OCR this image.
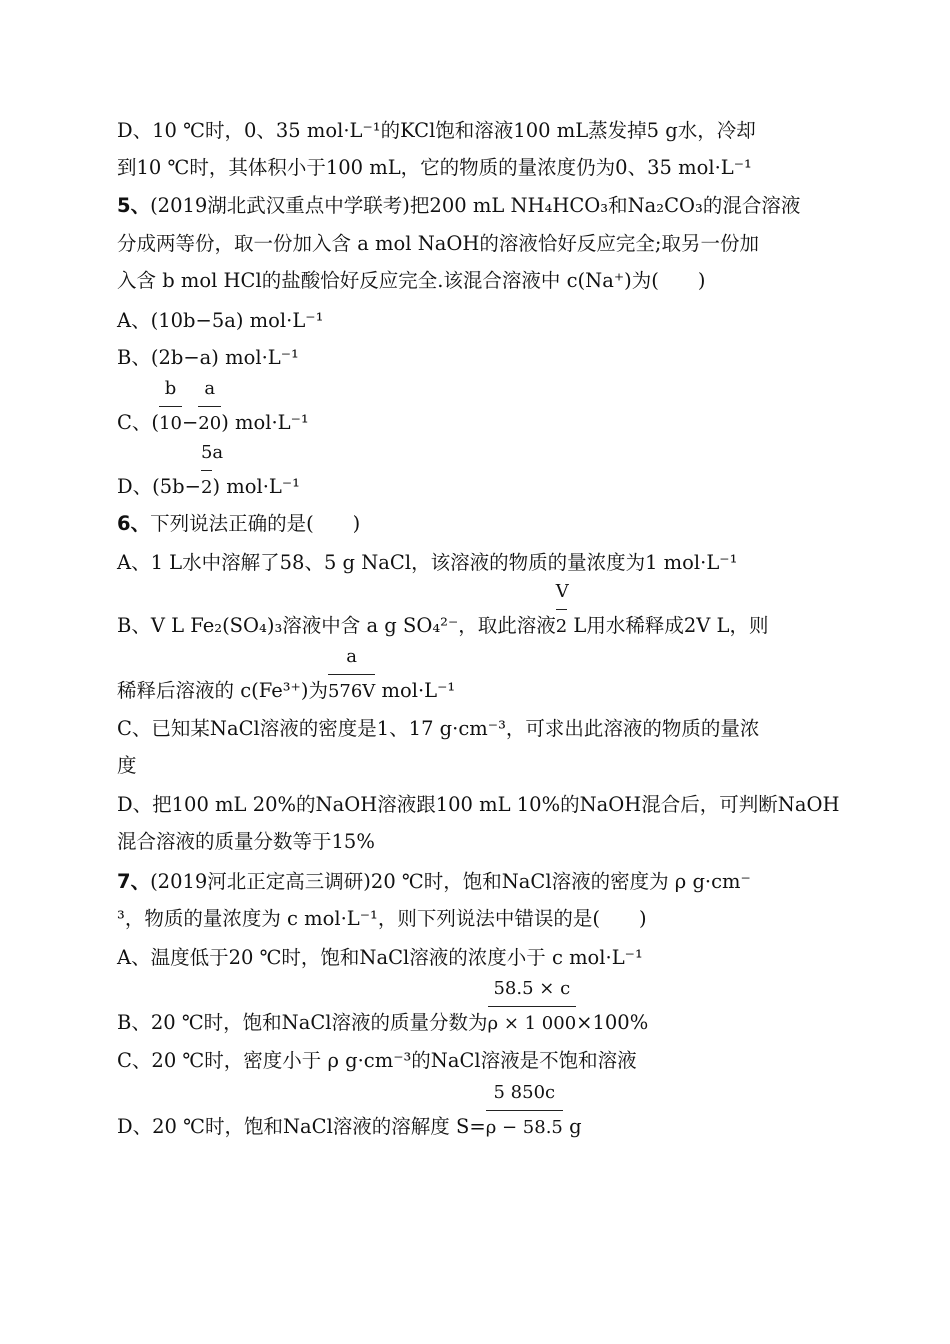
D、10 ℃时，0、35 mol·L⁻¹的KCl饱和溶液100 mL蒸发掉5 g水，冷却
到10 ℃时，其体积小于100 mL，它的物质的量浓度仍为0、35 mol·L⁻¹
5、(2019湖北武汉重点中学联考)把200 mL NH₄HCO₃和Na₂CO₃的混合溶液
分成两等份，取一份加入含 a mol NaOH的溶液恰好反应完全;取另一份加
入含 b mol HCl的盐酸恰好反应完全.该混合溶液中 c(Na⁺)为(　　)
A、(10b−5a) mol·L⁻¹
B、(2b−a) mol·L⁻¹
C、( $\frac{b}{10}- \frac{a}{20}$) mol·L⁻¹
D、$(5b- \frac{5a}{2})$ mol·L⁻¹
6、下列说法正确的是(　　)
A、1 L水中溶解了58、5 g NaCl，该溶液的物质的量浓度为1 mol·L⁻¹
B、V L Fe₂(SO₄)₃溶液中含 a g SO₄²⁻，取此溶液 $\frac{V}{2}$ L用水稀释成2V L，则
稀释后溶液的 c(Fe³⁺)为 $\frac{a}{576V} mol\cdot L^{-1}$
C、已知某NaCl溶液的密度是1、17 g·cm⁻³，可求出此溶液的物质的量浓
度
D、把100 mL 20%的NaOH溶液跟100 mL 10%的NaOH混合后，可判断NaOH
混合溶液的质量分数等于15%
7、(2019河北正定高三调研)20 ℃时，饱和NaCl溶液的密度为 ρ g·cm⁻
³，物质的量浓度为 c mol·L⁻¹，则下列说法中错误的是(　　)
A、温度低于20 ℃时，饱和NaCl溶液的浓度小于 c mol·L⁻¹
B、20 ℃时，饱和NaCl溶液的质量分数为 $\frac{58.5 \times c}{\rho \times 1 000}\times 100\%$
C、20 ℃时，密度小于 ρ g·cm⁻³的NaCl溶液是不饱和溶液
D、20 ℃时，饱和NaCl溶液的溶解度 $S= \frac{5 850c}{\rho - 58.5}$ g
